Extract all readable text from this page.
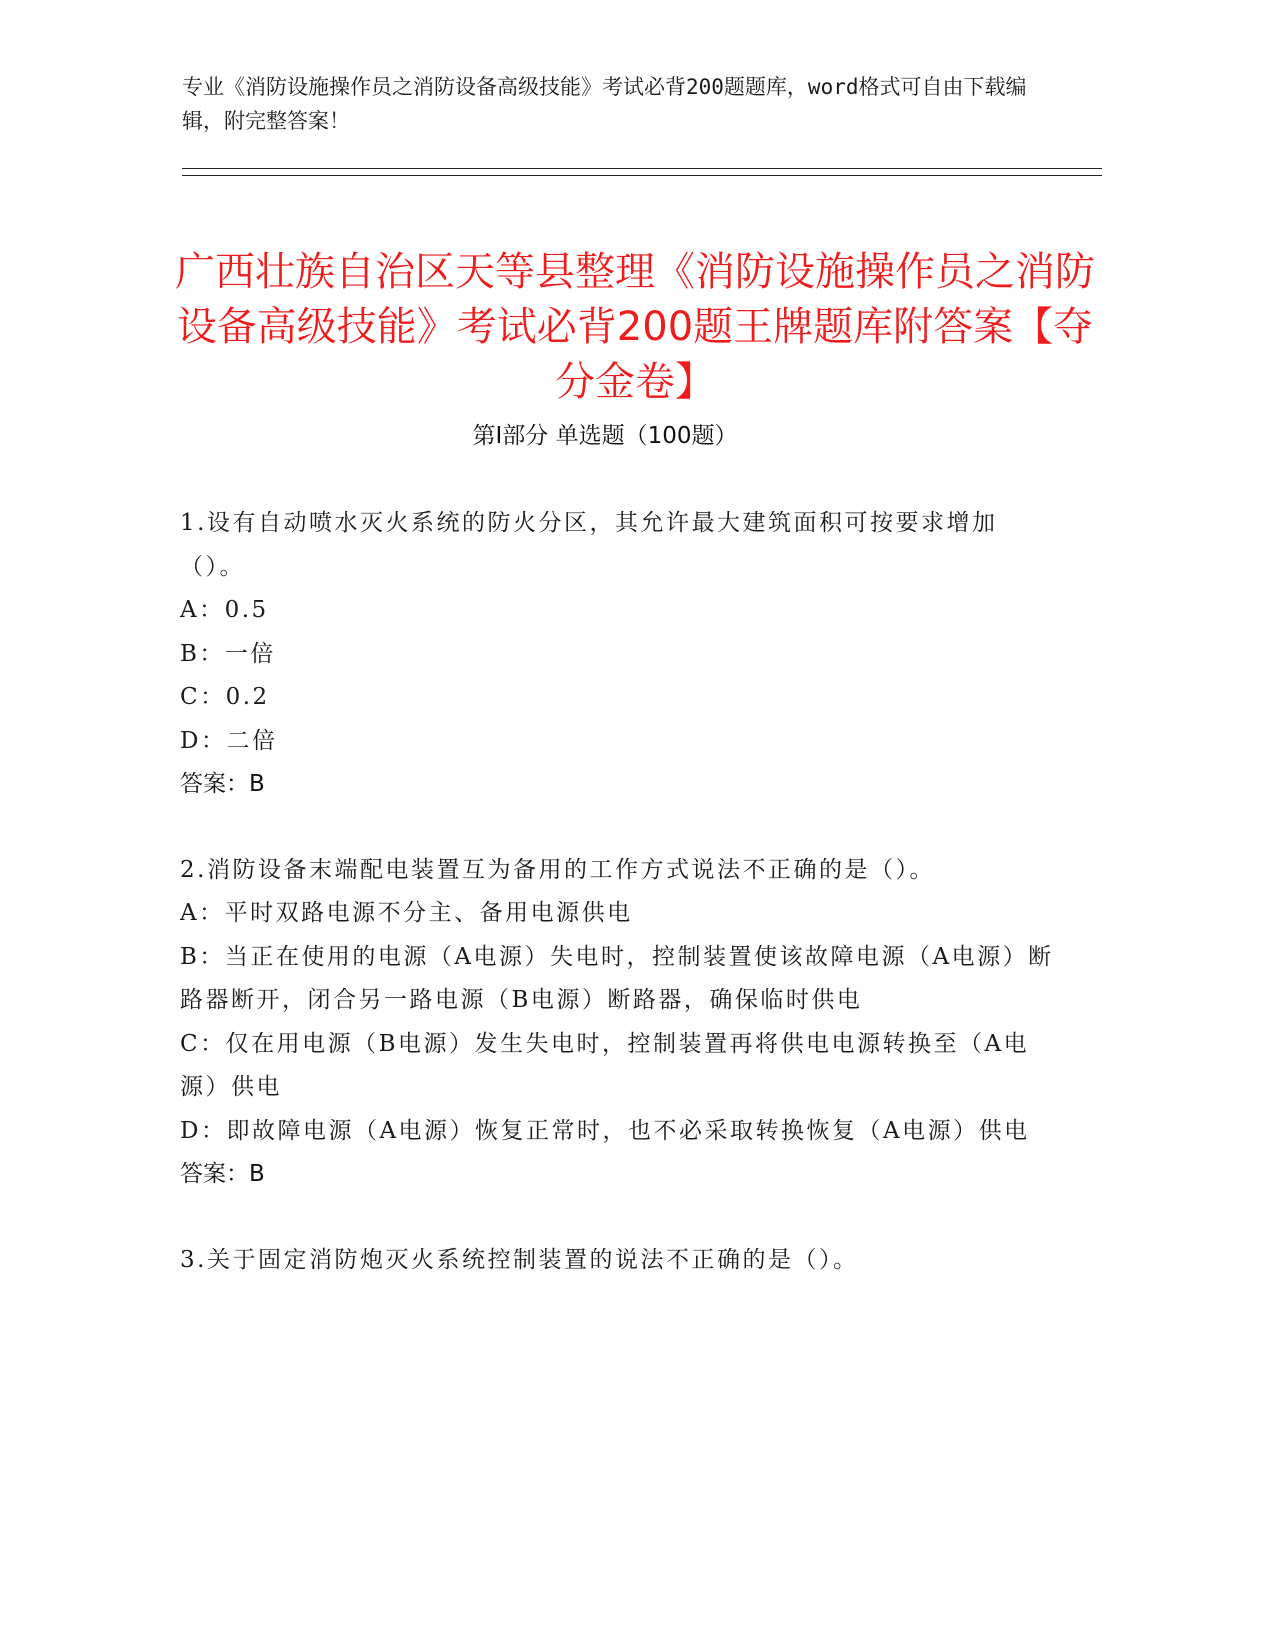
专业《消防设施操作员之消防设备高级技能》考试必背200题题库，word格式可自由下载编辑，附完整答案！
广西壮族自治区天等县整理《消防设施操作员之消防设备高级技能》考试必背200题王牌题库附答案【夺分金卷】
第Ⅰ部分 单选题（100题）
1.设有自动喷水灭火系统的防火分区，其允许最大建筑面积可按要求增加（）。
A：0.5
B：一倍
C：0.2
D：二倍
答案：B
2.消防设备末端配电装置互为备用的工作方式说法不正确的是（）。
A：平时双路电源不分主、备用电源供电
B：当正在使用的电源（A电源）失电时，控制装置使该故障电源（A电源）断路器断开，闭合另一路电源（B电源）断路器，确保临时供电
C：仅在用电源（B电源）发生失电时，控制装置再将供电电源转换至（A电源）供电
D：即故障电源（A电源）恢复正常时，也不必采取转换恢复（A电源）供电
答案：B
3.关于固定消防炮灭火系统控制装置的说法不正确的是（）。
